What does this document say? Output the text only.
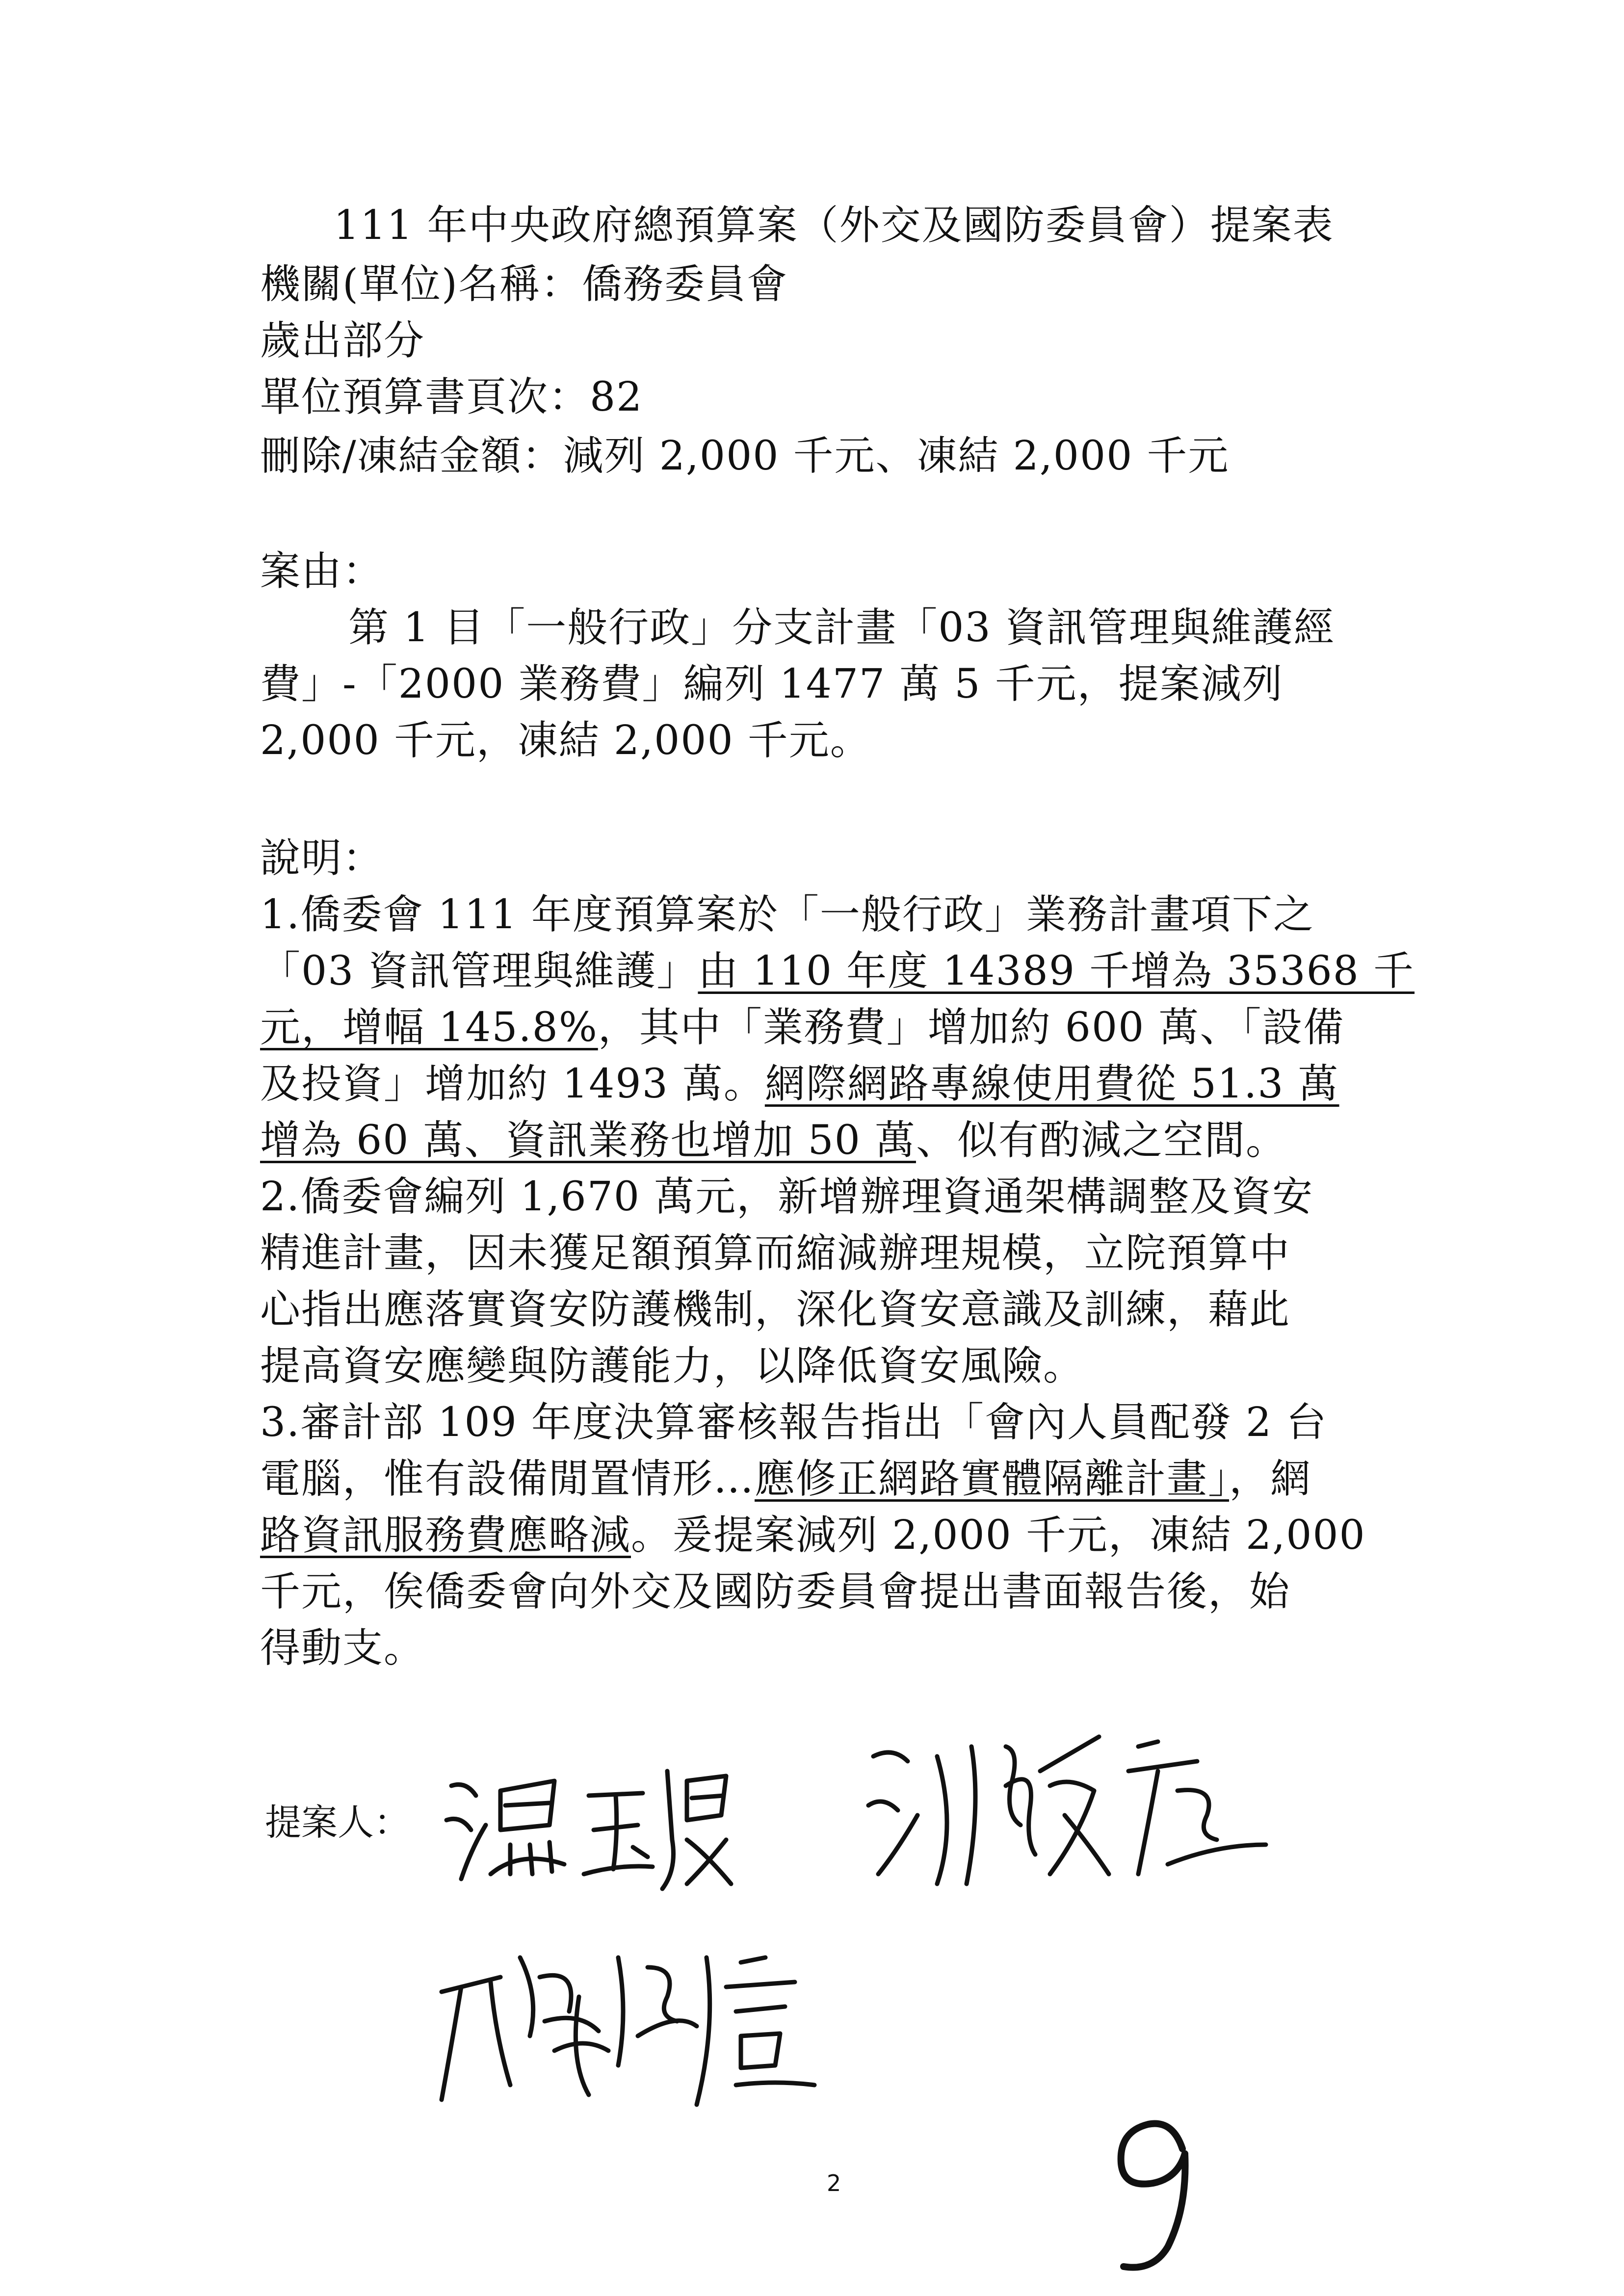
111 年中央政府總預算案（外交及國防委員會）提案表
機關(單位)名稱：僑務委員會
歲出部分
單位預算書頁次：82
刪除/凍結金額：減列 2,000 千元、凍結 2,000 千元
案由：
第 1 目「一般行政」分支計畫「03 資訊管理與維護經
費」-「2000 業務費」編列 1477 萬 5 千元，提案減列
2,000 千元，凍結 2,000 千元。
說明：
1.僑委會 111 年度預算案於「一般行政」業務計畫項下之
「03 資訊管理與維護」由 110 年度 14389 千增為 35368 千
元，增幅 145.8%，其中「業務費」增加約 600 萬、「設備
及投資」增加約 1493 萬。網際網路專線使用費從 51.3 萬
增為 60 萬、資訊業務也增加 50 萬、似有酌減之空間。
2.僑委會編列 1,670 萬元，新增辦理資通架構調整及資安
精進計畫，因未獲足額預算而縮減辦理規模，立院預算中
心指出應落實資安防護機制，深化資安意識及訓練，藉此
提高資安應變與防護能力，以降低資安風險。
3.審計部 109 年度決算審核報告指出「會內人員配發 2 台
電腦，惟有設備閒置情形…應修正網路實體隔離計畫」，網
路資訊服務費應略減。爰提案減列 2,000 千元，凍結 2,000
千元，俟僑委會向外交及國防委員會提出書面報告後，始
得動支。
提案人：
2
